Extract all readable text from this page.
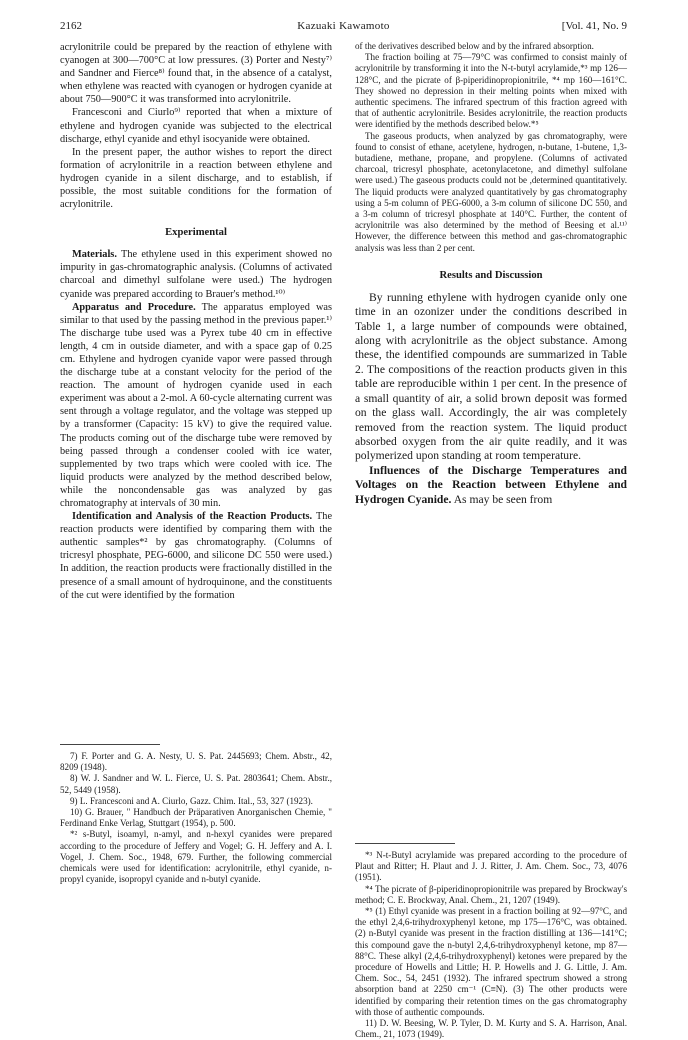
2162	Kazuaki Kawamoto	[Vol. 41, No. 9

acrylonitrile could be prepared by the reaction of ethylene with cyanogen at 300—700°C at low pressures. (3) Porter and Nesty⁷⁾ and Sandner and Fierce⁸⁾ found that, in the absence of a catalyst, when ethylene was reacted with cyanogen or hydrogen cyanide at about 750—900°C it was transformed into acrylonitrile.

Francesconi and Ciurlo⁹⁾ reported that when a mixture of ethylene and hydrogen cyanide was subjected to the electrical discharge, ethyl cyanide and ethyl isocyanide were obtained.

In the present paper, the author wishes to report the direct formation of acrylonitrile in a reaction between ethylene and hydrogen cyanide in a silent discharge, and to establish, if possible, the most suitable conditions for the formation of acrylonitrile.

Experimental

Materials. The ethylene used in this experiment showed no impurity in gas-chromatographic analysis. (Columns of activated charcoal and dimethyl sulfolane were used.) The hydrogen cyanide was prepared according to Brauer's method.¹⁰⁾

Apparatus and Procedure. The apparatus employed was similar to that used by the passing method in the previous paper.¹⁾ The discharge tube used was a Pyrex tube 40 cm in effective length, 4 cm in outside diameter, and with a space gap of 0.25 cm. Ethylene and hydrogen cyanide vapor were passed through the discharge tube at a constant velocity for the period of the reaction. The amount of hydrogen cyanide used in each experiment was about a 2-mol. A 60-cycle alternating current was sent through a voltage regulator, and the voltage was stepped up by a transformer (Capacity: 15 kV) to give the required value. The products coming out of the discharge tube were removed by being passed through a condenser cooled with ice water, supplemented by two traps which were cooled with ice. The liquid products were analyzed by the method described below, while the noncondensable gas was analyzed by gas chromatography at intervals of 30 min.

Identification and Analysis of the Reaction Products. The reaction products were identified by comparing them with the authentic samples*² by gas chromatography. (Columns of tricresyl phosphate, PEG-6000, and silicone DC 550 were used.) In addition, the reaction products were fractionally distilled in the presence of a small amount of hydroquinone, and the constituents of the cut were identified by the formation

7) F. Porter and G. A. Nesty, U. S. Pat. 2445693; Chem. Abstr., 42, 8209 (1948).

8) W. J. Sandner and W. L. Fierce, U. S. Pat. 2803641; Chem. Abstr., 52, 5449 (1958).

9) L. Francesconi and A. Ciurlo, Gazz. Chim. Ital., 53, 327 (1923).

10) G. Brauer, " Handbuch der Präparativen Anorganischen Chemie, " Ferdinand Enke Verlag, Stuttgart (1954), p. 500.

*² s-Butyl, isoamyl, n-amyl, and n-hexyl cyanides were prepared according to the procedure of Jeffery and Vogel; G. H. Jeffery and A. I. Vogel, J. Chem. Soc., 1948, 679. Further, the following commercial chemicals were used for identification: acrylonitrile, ethyl cyanide, n-propyl cyanide, isopropyl cyanide and n-butyl cyanide.

of the derivatives described below and by the infrared absorption.

The fraction boiling at 75—79°C was confirmed to consist mainly of acrylonitrile by transforming it into the N-t-butyl acrylamide,*³ mp 126—128°C, and the picrate of β-piperidinopropionitrile, *⁴ mp 160—161°C. They showed no depression in their melting points when mixed with authentic specimens. The infrared spectrum of this fraction agreed with that of authentic acrylonitrile. Besides acrylonitrile, the reaction products were identified by the methods described below.*⁵

The gaseous products, when analyzed by gas chromatography, were found to consist of ethane, acetylene, hydrogen, n-butane, 1-butene, 1,3-butadiene, methane, propane, and propylene. (Columns of activated charcoal, tricresyl phosphate, acetonylacetone, and dimethyl sulfolane were used.) The gaseous products could not be ,determined quantitatively. The liquid products were analyzed quantitatively by gas chromatography using a 5-m column of PEG-6000, a 3-m column of silicone DC 550, and a 3-m column of tricresyl phosphate at 140°C. Further, the content of acrylonitrile was also determined by the method of Beesing et al.¹¹⁾ However, the difference between this method and gas-chromatographic analysis was less than 2 per cent.

Results and Discussion

By running ethylene with hydrogen cyanide only one time in an ozonizer under the conditions described in Table 1, a large number of compounds were obtained, along with acrylonitrile as the object substance. Among these, the identified compounds are summarized in Table 2. The compositions of the reaction products given in this table are reproducible within 1 per cent. In the presence of a small quantity of air, a solid brown deposit was formed on the glass wall. Accordingly, the air was completely removed from the reaction system. The liquid product absorbed oxygen from the air quite readily, and it was polymerized upon standing at room temperature.

Influences of the Discharge Temperatures and Voltages on the Reaction between Ethylene and Hydrogen Cyanide. As may be seen from

*³ N-t-Butyl acrylamide was prepared according to the procedure of Plaut and Ritter; H. Plaut and J. J. Ritter, J. Am. Chem. Soc., 73, 4076 (1951).

*⁴ The picrate of β-piperidinopropionitrile was prepared by Brockway's method; C. E. Brockway, Anal. Chem., 21, 1207 (1949).

*⁵ (1) Ethyl cyanide was present in a fraction boiling at 92—97°C, and the ethyl 2,4,6-trihydroxyphenyl ketone, mp 175—176°C, was obtained. (2) n-Butyl cyanide was present in the fraction distilling at 136—141°C; this compound gave the n-butyl 2,4,6-trihydroxyphenyl ketone, mp 87—88°C. These alkyl (2,4,6-trihydroxyphenyl) ketones were prepared by the procedure of Howells and Little; H. P. Howells and J. G. Little, J. Am. Chem. Soc., 54, 2451 (1932). The infrared spectrum showed a strong absorption band at 2250 cm⁻¹ (C≡N). (3) The other products were identified by comparing their retention times on the gas chromatography with those of authentic compounds.

11) D. W. Beesing, W. P. Tyler, D. M. Kurty and S. A. Harrison, Anal. Chem., 21, 1073 (1949).
